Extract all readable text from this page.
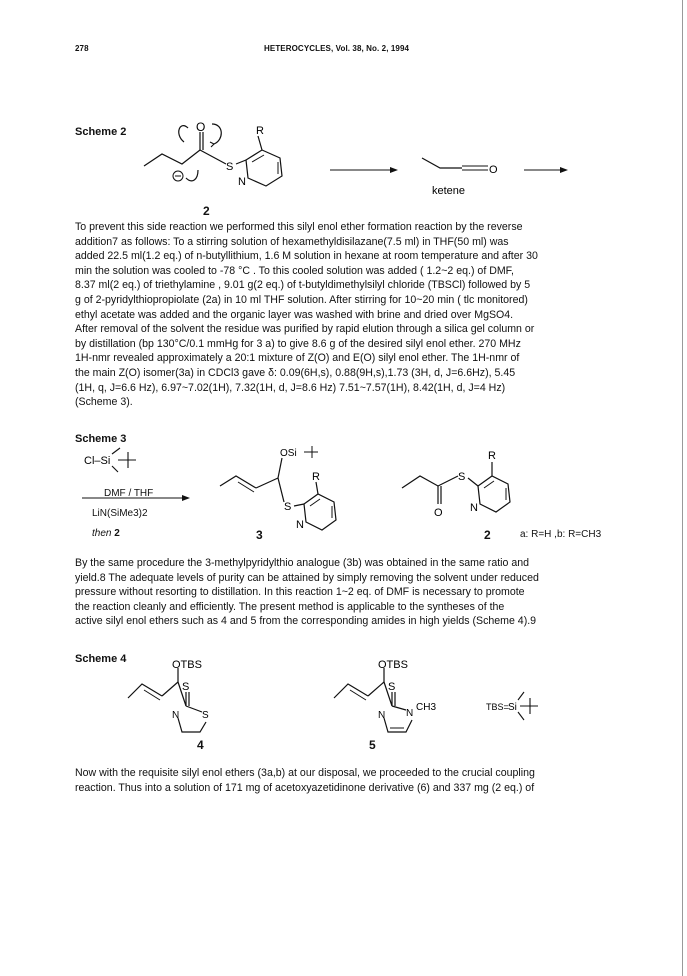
278	HETEROCYCLES, Vol. 38, No. 2, 1994
Scheme 2	O
S
R
N
O
ketene
2

To prevent this side reaction we performed this silyl enol ether formation reaction by the reverse

addition7 as follows: To a stirring solution of hexamethyldisilazane(7.5 ml) in THF(50 ml) was

added 22.5 ml(1.2 eq.) of n-butyllithium, 1.6 M solution in hexane at room temperature and after 30

min the solution was cooled to -78 °C . To this cooled solution was added ( 1.2~2 eq.) of DMF,

8.37 ml(2 eq.) of triethylamine , 9.01 g(2 eq.) of t-butyldimethylsilyl chloride (TBSCl) followed by 5

g of 2-pyridylthiopropiolate (2a) in 10 ml THF solution. After stirring for 10~20 min ( tlc monitored)

ethyl acetate was added and the organic layer was washed with brine and dried over MgSO4.

After removal of the solvent the residue was purified by rapid elution through a silica gel column or

by distillation (bp 130°C/0.1 mmHg for 3 a) to give 8.6 g of the desired silyl enol ether. 270 MHz

1H-nmr revealed approximately a 20:1 mixture of Z(O) and E(O) silyl enol ether. The 1H-nmr of

the main Z(O) isomer(3a) in CDCl3 gave δ: 0.09(6H,s), 0.88(9H,s),1.73 (3H, d, J=6.6Hz), 5.45

(1H, q, J=6.6 Hz), 6.97~7.02(1H), 7.32(1H, d, J=8.6 Hz) 7.51~7.57(1H), 8.42(1H, d, J=4 Hz)

(Scheme 3).

Scheme 3
Cl–Si
OSi
S
R
N
O
S
R
N
DMF / THF
LiN(SiMe3)2
then 2	3	2	a: R=H ,b: R=CH3

By the same procedure the 3-methylpyridylthio analogue (3b) was obtained in the same ratio and

yield.8 The adequate levels of purity can be attained by simply removing the solvent under reduced

pressure without resorting to distillation. In this reaction 1~2 eq. of DMF is necessary to promote

the reaction cleanly and efficiently. The present method is applicable to the syntheses of the

active silyl enol ethers such as 4 and 5 from the corresponding amides in high yields (Scheme 4).9

Scheme 4	OTBS
S
N S
OTBS
S
N N
CH3	TBS= Si
4	5

Now with the requisite silyl enol ethers (3a,b) at our disposal, we proceeded to the crucial coupling

reaction. Thus into a solution of 171 mg of acetoxyazetidinone derivative (6) and 337 mg (2 eq.) of
